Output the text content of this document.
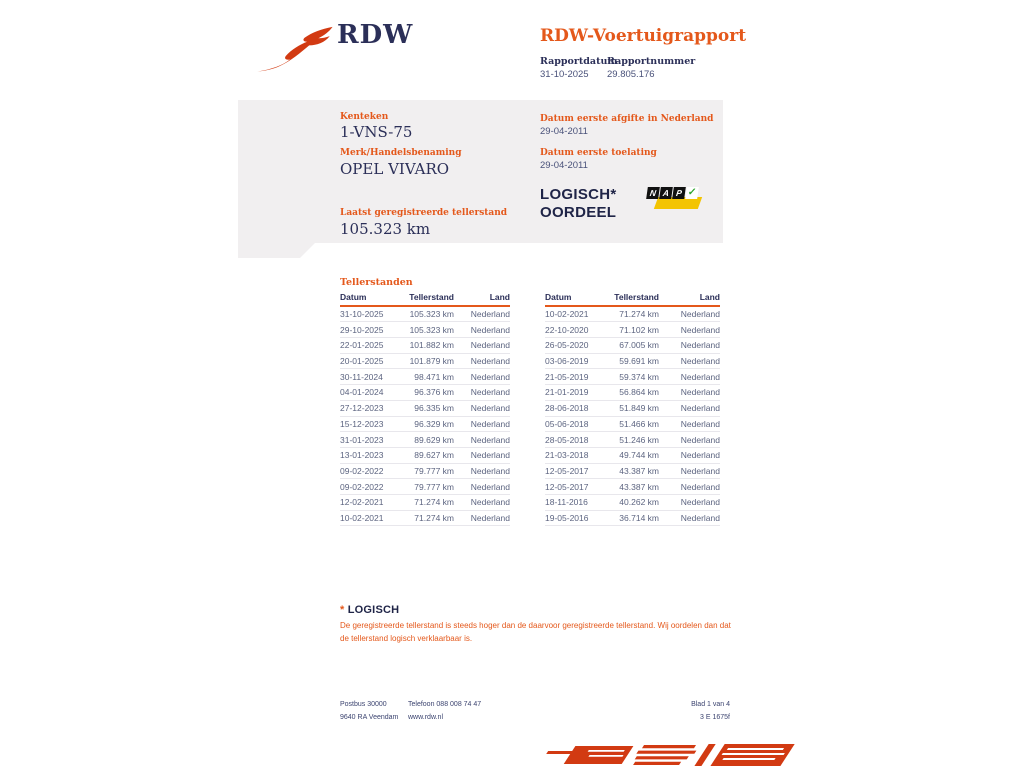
RDW	RDW-Voertuigrapport
Rapportdatum
Rapportnummer
31-10-2025 29.805.176
Kenteken
1-VNS-75
Merk/Handelsbenaming
OPEL VIVARO
Laatst geregistreerde tellerstand
105.323 km
Datum eerste afgifte in Nederland
29-04-2011
Datum eerste toelating
29-04-2011
LOGISCH*
OORDEEL
N A P ✓
Tellerstanden
Datum	Tellerstand	Land
31-10-2025	105.323 km	Nederland
29-10-2025	105.323 km	Nederland
22-01-2025	101.882 km	Nederland
20-01-2025	101.879 km	Nederland
30-11-2024	98.471 km	Nederland
04-01-2024	96.376 km	Nederland
27-12-2023	96.335 km	Nederland
15-12-2023	96.329 km	Nederland
31-01-2023	89.629 km	Nederland
13-01-2023	89.627 km	Nederland
09-02-2022	79.777 km	Nederland
09-02-2022	79.777 km	Nederland
12-02-2021	71.274 km	Nederland
10-02-2021	71.274 km	Nederland
Datum	Tellerstand	Land
10-02-2021	71.274 km	Nederland
22-10-2020	71.102 km	Nederland
26-05-2020	67.005 km	Nederland
03-06-2019	59.691 km	Nederland
21-05-2019	59.374 km	Nederland
21-01-2019	56.864 km	Nederland
28-06-2018	51.849 km	Nederland
05-06-2018	51.466 km	Nederland
28-05-2018	51.246 km	Nederland
21-03-2018	49.744 km	Nederland
12-05-2017	43.387 km	Nederland
12-05-2017	43.387 km	Nederland
18-11-2016	40.262 km	Nederland
19-05-2016	36.714 km	Nederland
* LOGISCH
De geregistreerde tellerstand is steeds hoger dan de daarvoor geregistreerde tellerstand. Wij oordelen dan dat de tellerstand logisch verklaarbaar is.
Postbus 30000
9640 RA Veendam
Telefoon 088 008 74 47
www.rdw.nl
Blad 1 van 4
3 E 1675f
